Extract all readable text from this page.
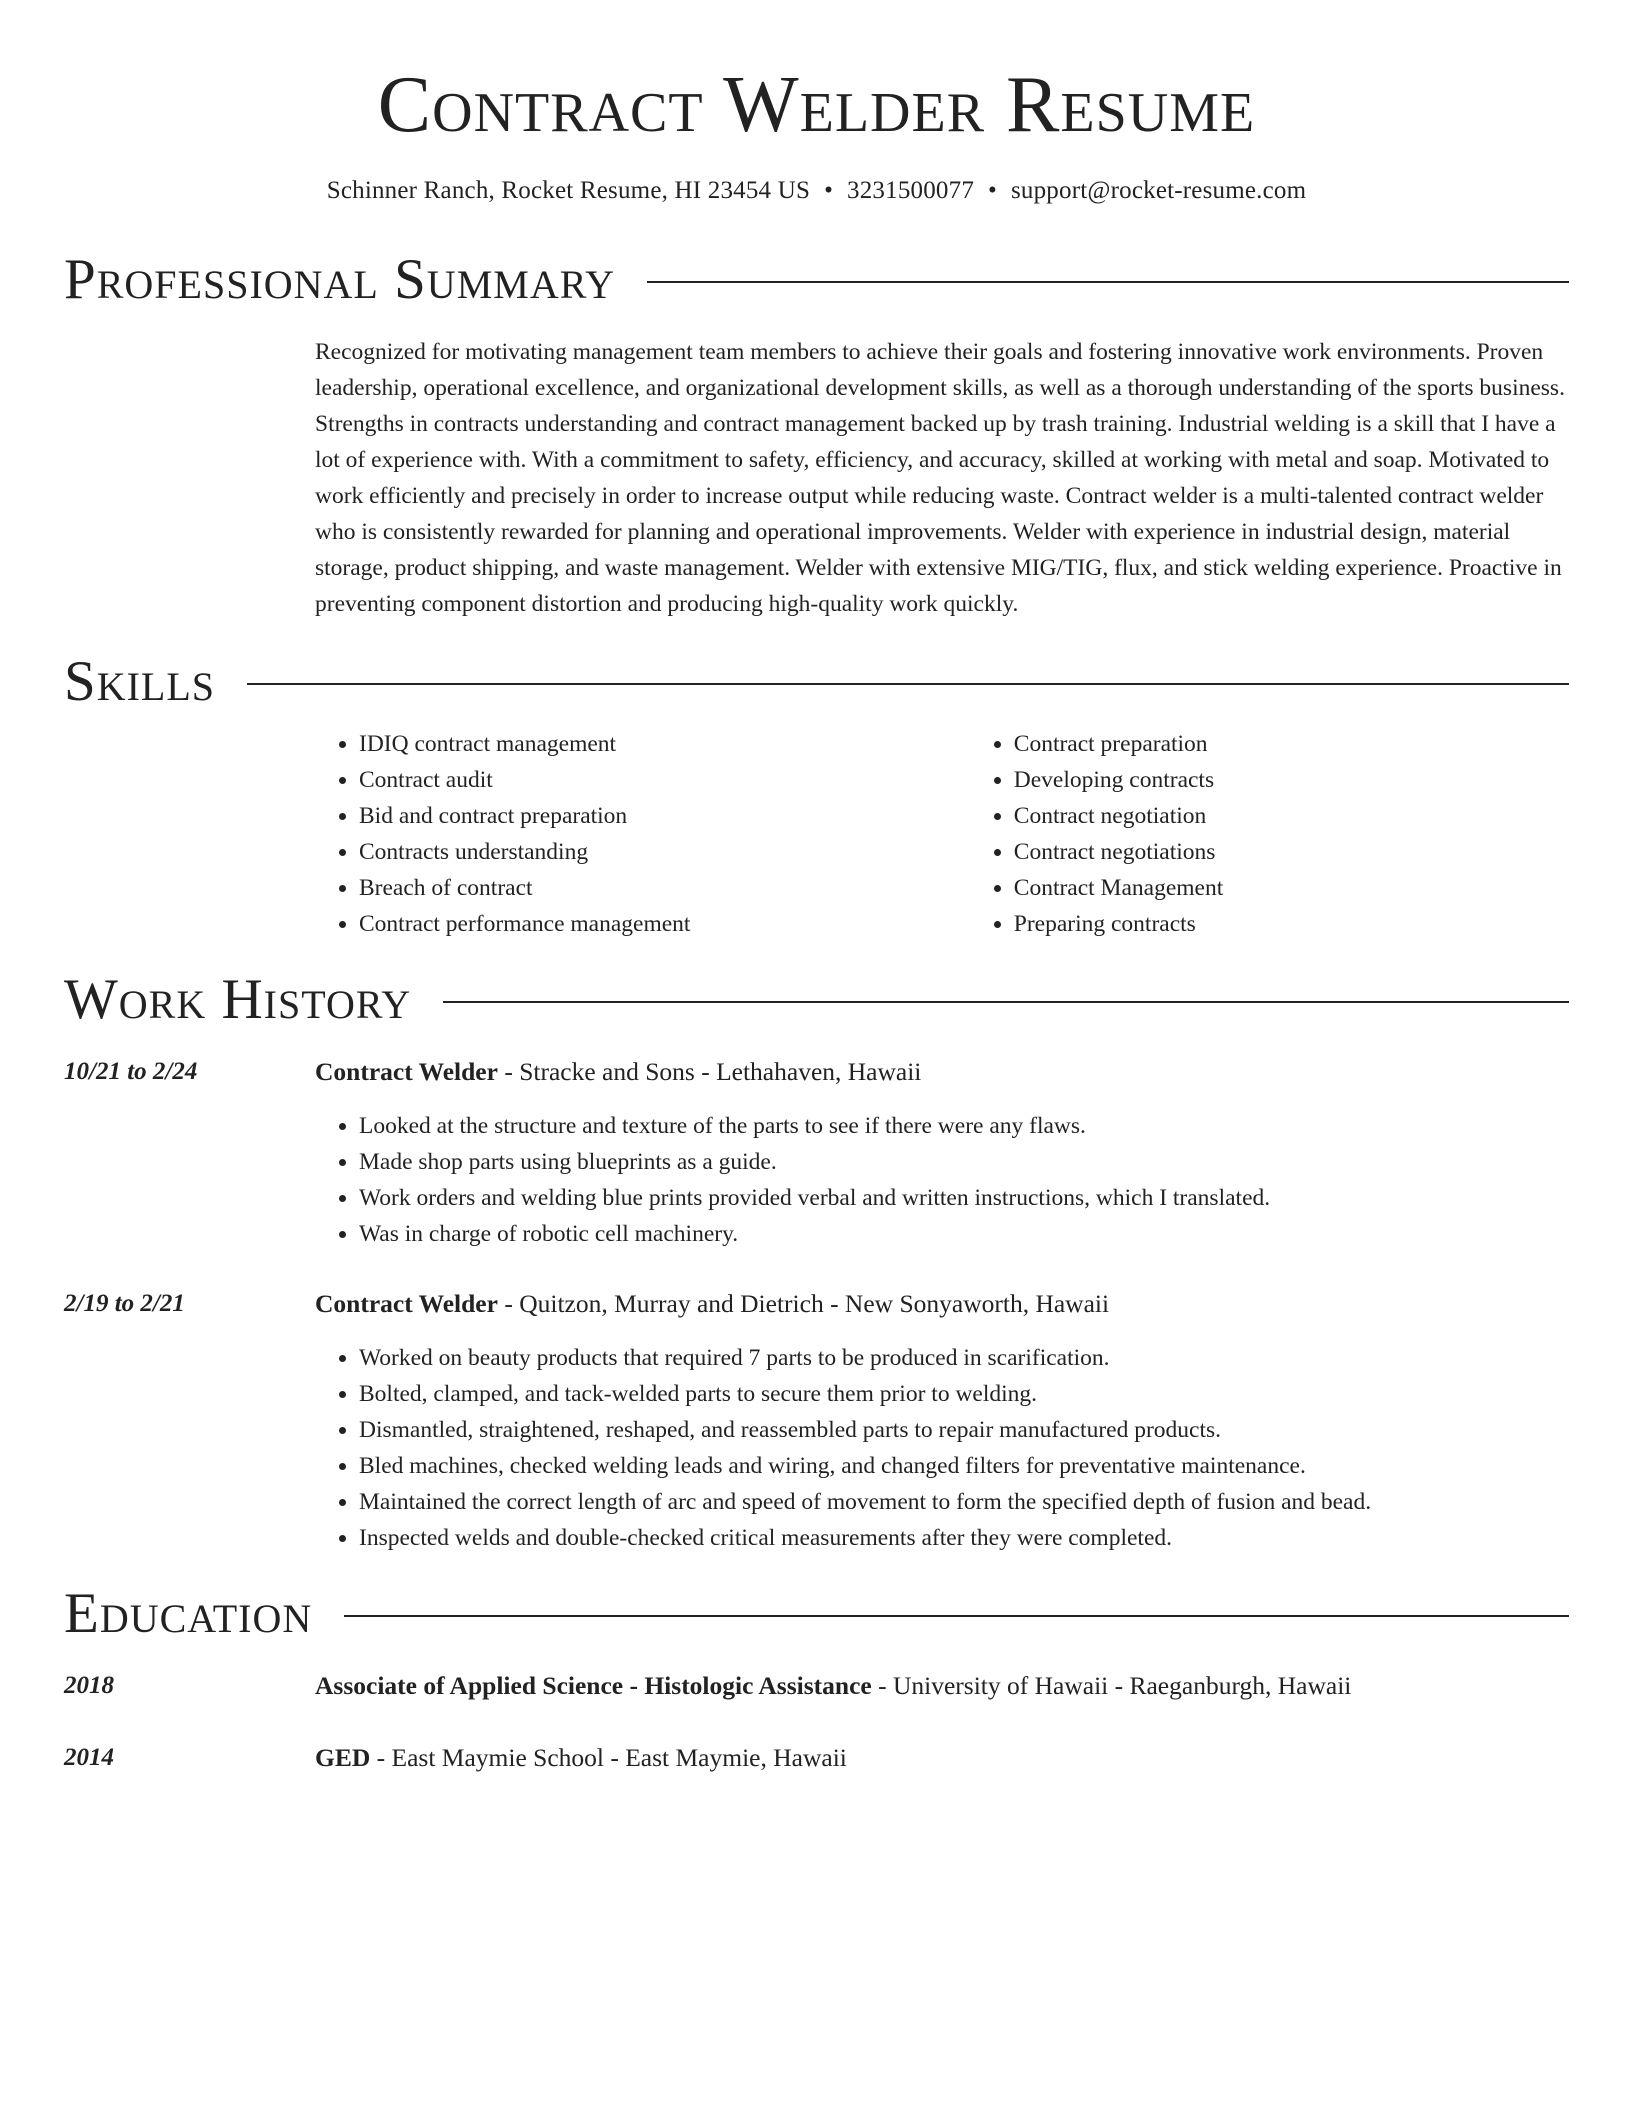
Contract Welder Resume
Schinner Ranch, Rocket Resume, HI 23454 US • 3231500077 • support@rocket-resume.com
Professional Summary
Recognized for motivating management team members to achieve their goals and fostering innovative work environments. Proven leadership, operational excellence, and organizational development skills, as well as a thorough understanding of the sports business. Strengths in contracts understanding and contract management backed up by trash training. Industrial welding is a skill that I have a lot of experience with. With a commitment to safety, efficiency, and accuracy, skilled at working with metal and soap. Motivated to work efficiently and precisely in order to increase output while reducing waste. Contract welder is a multi-talented contract welder who is consistently rewarded for planning and operational improvements. Welder with experience in industrial design, material storage, product shipping, and waste management. Welder with extensive MIG/TIG, flux, and stick welding experience. Proactive in preventing component distortion and producing high-quality work quickly.
Skills
• IDIQ contract management
• Contract audit
• Bid and contract preparation
• Contracts understanding
• Breach of contract
• Contract performance management
• Contract preparation
• Developing contracts
• Contract negotiation
• Contract negotiations
• Contract Management
• Preparing contracts
Work History
10/21 to 2/24	Contract Welder - Stracke and Sons - Lethahaven, Hawaii
• Looked at the structure and texture of the parts to see if there were any flaws.
• Made shop parts using blueprints as a guide.
• Work orders and welding blue prints provided verbal and written instructions, which I translated.
• Was in charge of robotic cell machinery.
2/19 to 2/21	Contract Welder - Quitzon, Murray and Dietrich - New Sonyaworth, Hawaii
• Worked on beauty products that required 7 parts to be produced in scarification.
• Bolted, clamped, and tack-welded parts to secure them prior to welding.
• Dismantled, straightened, reshaped, and reassembled parts to repair manufactured products.
• Bled machines, checked welding leads and wiring, and changed filters for preventative maintenance.
• Maintained the correct length of arc and speed of movement to form the specified depth of fusion and bead.
• Inspected welds and double-checked critical measurements after they were completed.
Education
2018	Associate of Applied Science - Histologic Assistance - University of Hawaii - Raeganburgh, Hawaii
2014	GED - East Maymie School - East Maymie, Hawaii
